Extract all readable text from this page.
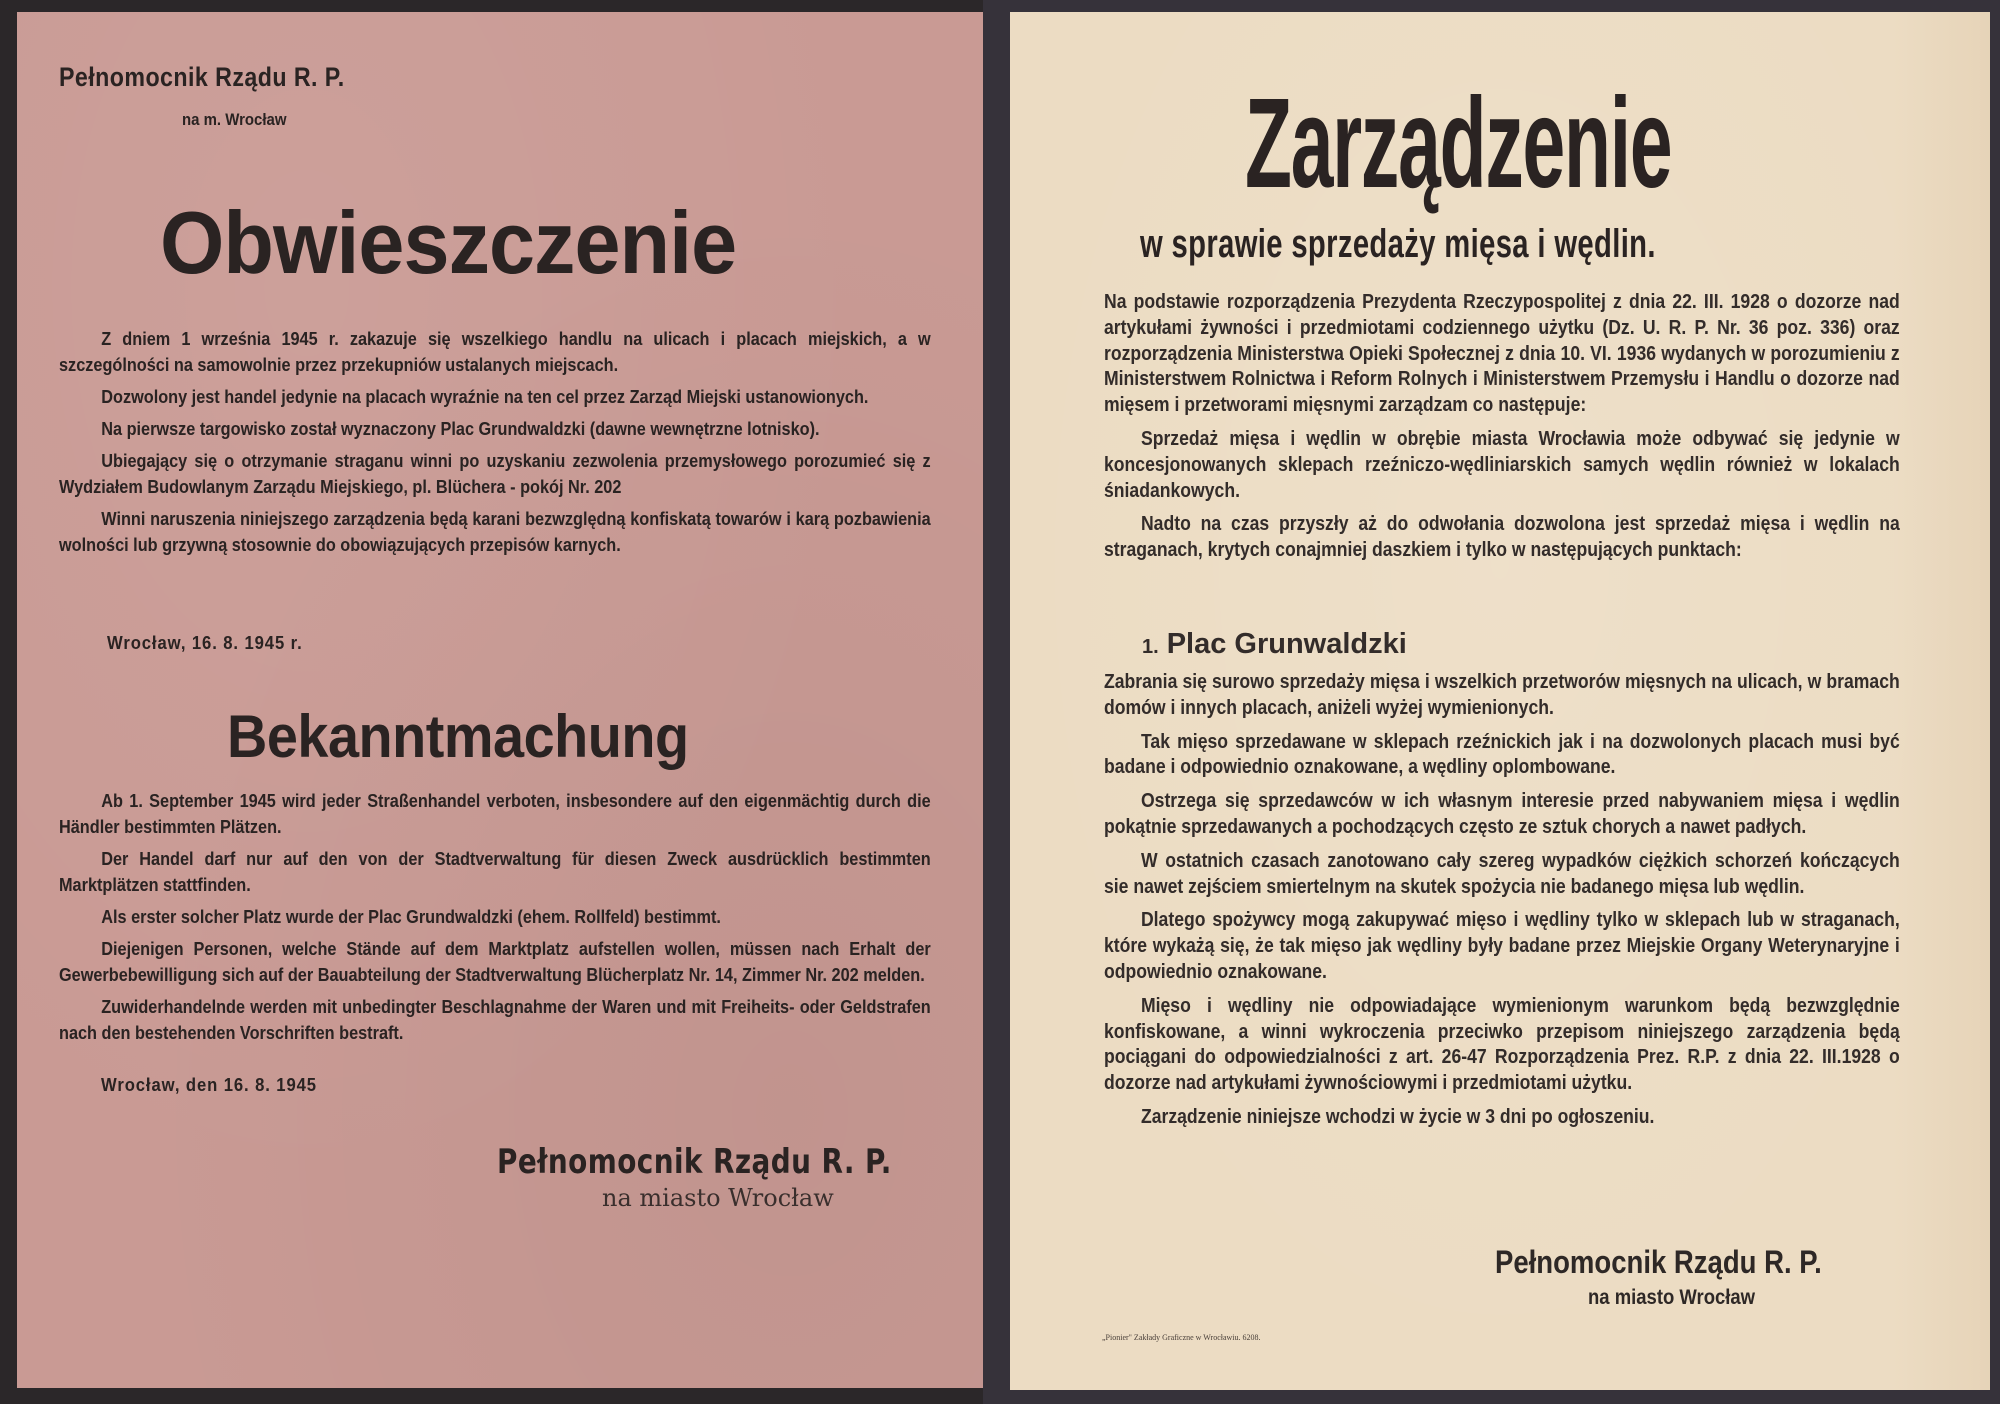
Pełnomocnik Rządu R. P.
na m. Wrocław
Obwieszczenie

Z dniem 1 września 1945 r. zakazuje się wszelkiego handlu na ulicach i placach miejskich, a w szczególności na samowolnie przez przekupniów ustalanych miejscach.

Dozwolony jest handel jedynie na placach wyraźnie na ten cel przez Zarząd Miejski ustanowionych.

Na pierwsze targowisko został wyznaczony Plac Grundwaldzki (dawne wewnętrzne lotnisko).

Ubiegający się o otrzymanie straganu winni po uzyskaniu zezwolenia przemysłowego porozumieć się z Wydziałem Budowlanym Zarządu Miejskiego, pl. Blüchera - pokój Nr. 202

Winni naruszenia niniejszego zarządzenia będą karani bezwzględną konfiskatą towarów i karą pozbawienia wolności lub grzywną stosownie do obowiązujących przepisów karnych.

Wrocław, 16. 8. 1945 r.
Bekanntmachung

Ab 1. September 1945 wird jeder Straßenhandel verboten, insbesondere auf den eigenmächtig durch die Händler bestimmten Plätzen.

Der Handel darf nur auf den von der Stadtverwaltung für diesen Zweck ausdrücklich bestimmten Marktplätzen stattfinden.

Als erster solcher Platz wurde der Plac Grundwaldzki (ehem. Rollfeld) bestimmt.

Diejenigen Personen, welche Stände auf dem Marktplatz aufstellen wollen, müssen nach Erhalt der Gewerbebewilligung sich auf der Bauabteilung der Stadtverwaltung Blücherplatz Nr. 14, Zimmer Nr. 202 melden.

Zuwiderhandelnde werden mit unbedingter Beschlagnahme der Waren und mit Freiheits- oder Geldstrafen nach den bestehenden Vorschriften bestraft.

Wrocław, den 16. 8. 1945
Pełnomocnik Rządu R. P.
na miasto Wrocław
Zarządzenie
w sprawie sprzedaży mięsa i wędlin.

Na podstawie rozporządzenia Prezydenta Rzeczypospolitej z dnia 22. III. 1928 o dozorze nad artykułami żywności i przedmiotami codziennego użytku (Dz. U. R. P. Nr. 36 poz. 336) oraz rozporządzenia Ministerstwa Opieki Społecznej z dnia 10. VI. 1936 wydanych w porozumieniu z Ministerstwem Rolnictwa i Reform Rolnych i Ministerstwem Przemysłu i Handlu o dozorze nad mięsem i przetworami mięsnymi zarządzam co następuje:

Sprzedaż mięsa i wędlin w obrębie miasta Wrocławia może odbywać się jedynie w koncesjonowanych sklepach rzeźniczo-wędliniarskich samych wędlin również w lokalach śniadankowych.

Nadto na czas przyszły aż do odwołania dozwolona jest sprzedaż mięsa i wędlin na straganach, krytych conajmniej daszkiem i tylko w następujących punktach:

1. Plac Grunwaldzki

Zabrania się surowo sprzedaży mięsa i wszelkich przetworów mięsnych na ulicach, w bramach domów i innych placach, aniżeli wyżej wymienionych.

Tak mięso sprzedawane w sklepach rzeźnickich jak i na dozwolonych placach musi być badane i odpowiednio oznakowane, a wędliny oplombowane.

Ostrzega się sprzedawców w ich własnym interesie przed nabywaniem mięsa i wędlin pokątnie sprzedawanych a pochodzących często ze sztuk chorych a nawet padłych.

W ostatnich czasach zanotowano cały szereg wypadków ciężkich schorzeń kończących sie nawet zejściem smiertelnym na skutek spożycia nie badanego mięsa lub wędlin.

Dlatego spożywcy mogą zakupywać mięso i wędliny tylko w sklepach lub w straganach, które wykażą się, że tak mięso jak wędliny były badane przez Miejskie Organy Weterynaryjne i odpowiednio oznakowane.

Mięso i wędliny nie odpowiadające wymienionym warunkom będą bezwzględnie konfiskowane, a winni wykroczenia przeciwko przepisom niniejszego zarządzenia będą pociągani do odpowiedzialności z art. 26-47 Rozporządzenia Prez. R.P. z dnia 22. III.1928 o dozorze nad artykułami żywnościowymi i przedmiotami użytku.

Zarządzenie niniejsze wchodzi w życie w 3 dni po ogłoszeniu.

Pełnomocnik Rządu R. P.
na miasto Wrocław
„Pionier" Zakłady Graficzne w Wrocławiu. 6208.
